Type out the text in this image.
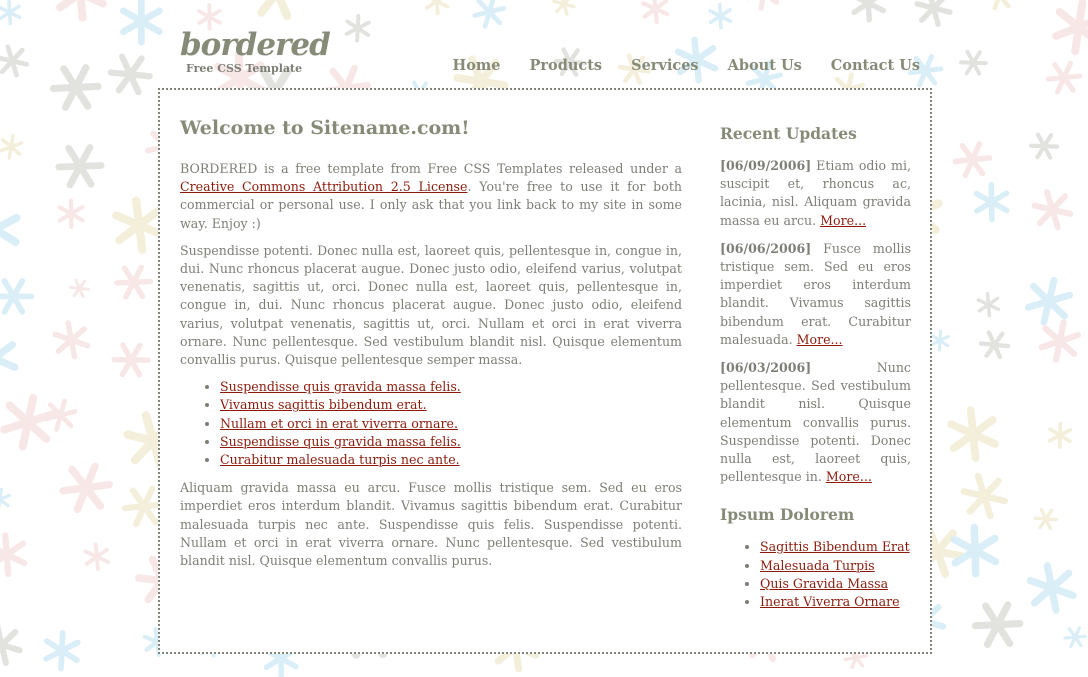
bordered
Free CSS Template	Home Products Services About Us Contact Us
Welcome to Sitename.com!

BORDERED is a free template from Free CSS Templates released under a Creative Commons Attribution 2.5 License. You're free to use it for both commercial or personal use. I only ask that you link back to my site in some way. Enjoy :)

Suspendisse potenti. Donec nulla est, laoreet quis, pellentesque in, congue in, dui. Nunc rhoncus placerat augue. Donec justo odio, eleifend varius, volutpat venenatis, sagittis ut, orci. Donec nulla est, laoreet quis, pellentesque in, congue in, dui. Nunc rhoncus placerat augue. Donec justo odio, eleifend varius, volutpat venenatis, sagittis ut, orci. Nullam et orci in erat viverra ornare. Nunc pellentesque. Sed vestibulum blandit nisl. Quisque elementum convallis purus. Quisque pellentesque semper massa.

• Suspendisse quis gravida massa felis.
• Vivamus sagittis bibendum erat.
• Nullam et orci in erat viverra ornare.
• Suspendisse quis gravida massa felis.
• Curabitur malesuada turpis nec ante.

Aliquam gravida massa eu arcu. Fusce mollis tristique sem. Sed eu eros imperdiet eros interdum blandit. Vivamus sagittis bibendum erat. Curabitur malesuada turpis nec ante. Suspendisse quis felis. Suspendisse potenti. Nullam et orci in erat viverra ornare. Nunc pellentesque. Sed vestibulum blandit nisl. Quisque elementum convallis purus.

Recent Updates

[06/09/2006] Etiam odio mi, suscipit et, rhoncus ac, lacinia, nisl. Aliquam gravida massa eu arcu. More...

[06/06/2006] Fusce mollis tristique sem. Sed eu eros imperdiet eros interdum blandit. Vivamus sagittis bibendum erat. Curabitur malesuada. More...

[06/03/2006] Nunc pellentesque. Sed vestibulum blandit nisl. Quisque elementum convallis purus. Suspendisse potenti. Donec nulla est, laoreet quis, pellentesque in. More...

Ipsum Dolorem
• Sagittis Bibendum Erat
• Malesuada Turpis
• Quis Gravida Massa
• Inerat Viverra Ornare
